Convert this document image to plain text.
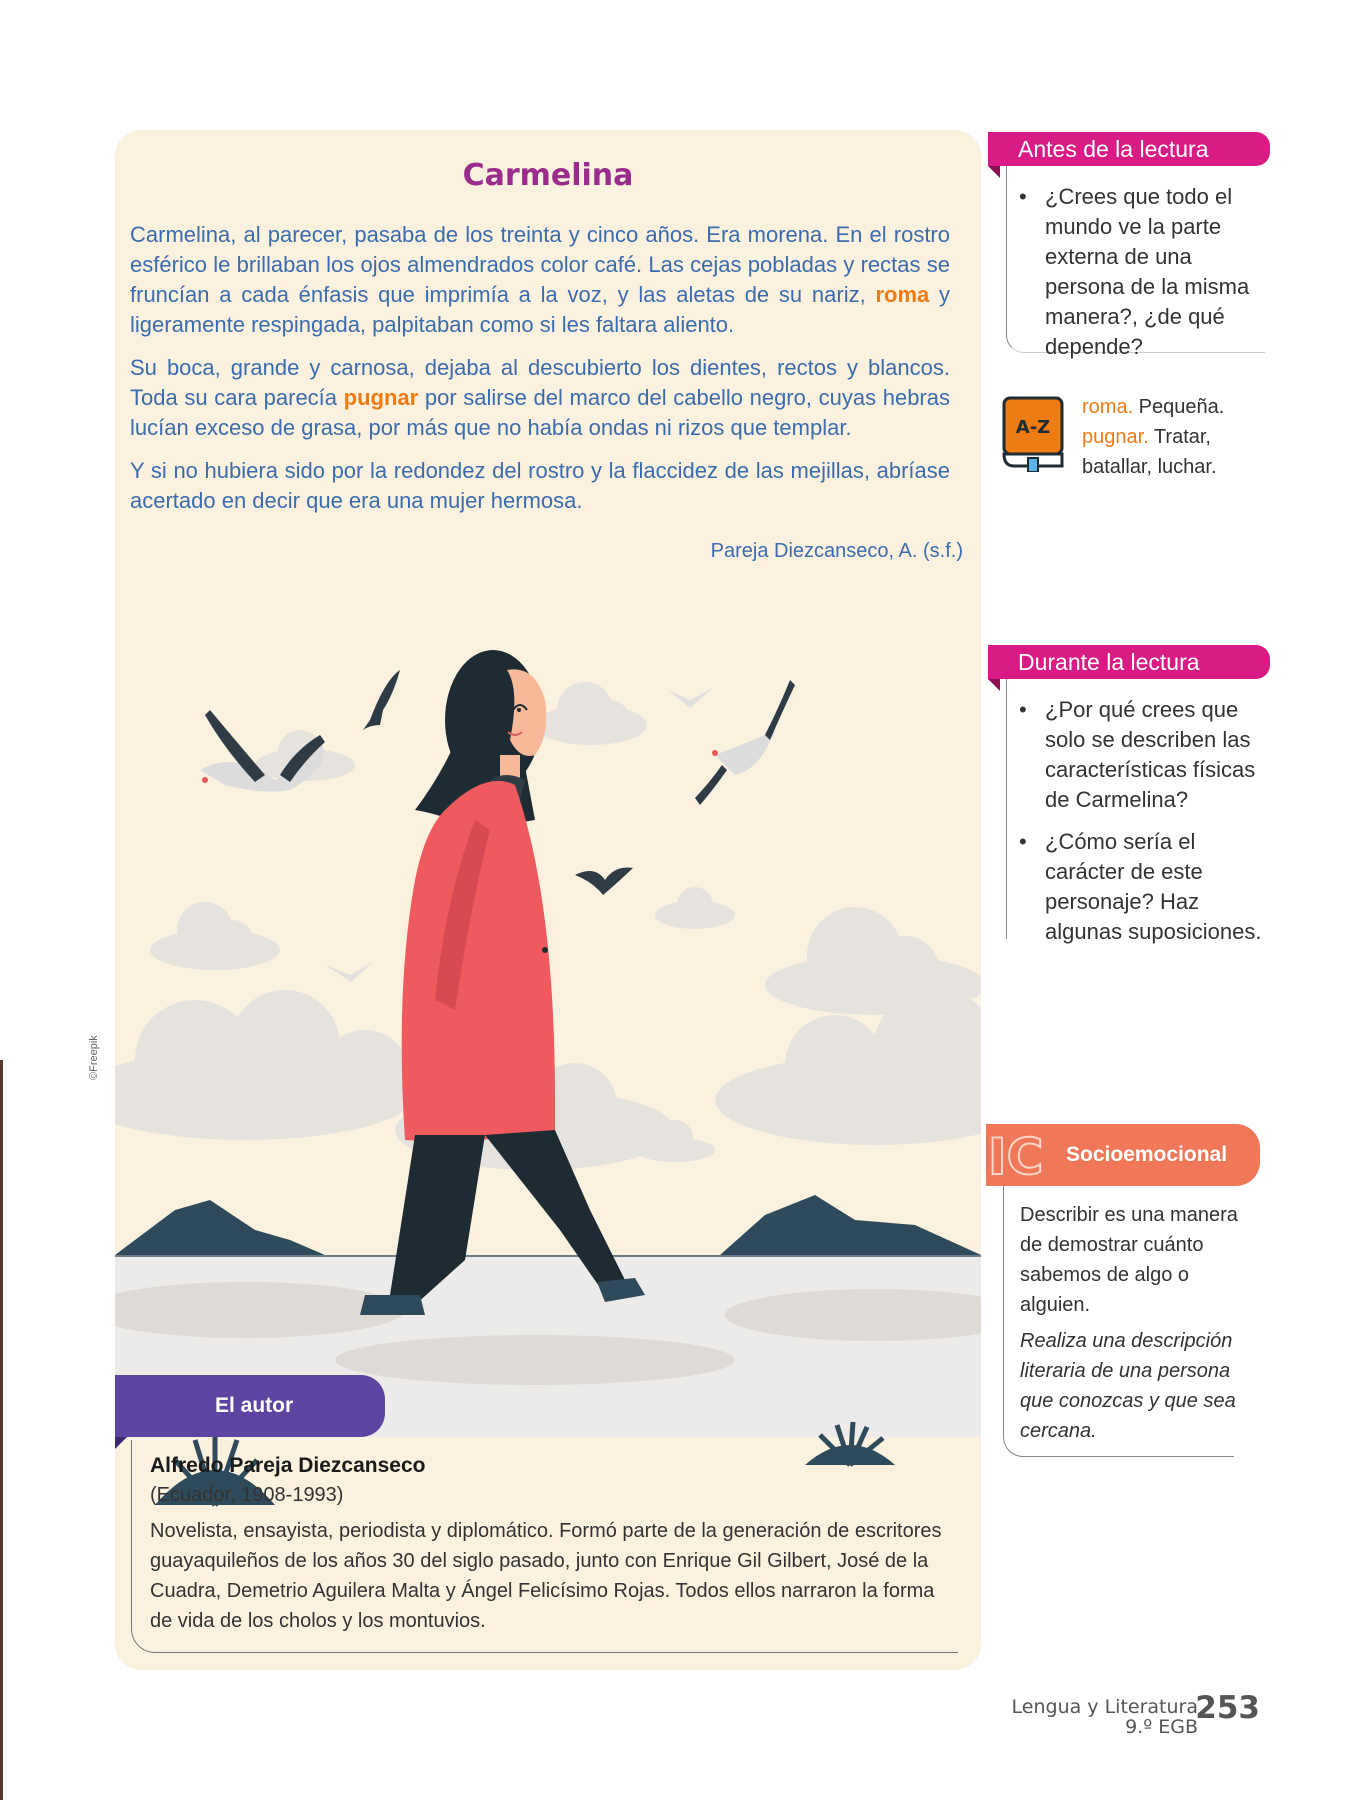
Carmelina

Carmelina, al parecer, pasaba de los treinta y cinco años. Era morena. En el rostro esférico le brillaban los ojos almendrados color café. Las cejas pobladas y rectas se fruncían a cada énfasis que imprimía a la voz, y las aletas de su nariz, roma y ligeramente respingada, palpitaban como si les faltara aliento.

Su boca, grande y carnosa, dejaba al descubierto los dientes, rectos y blancos. Toda su cara parecía pugnar por salirse del marco del cabello negro, cuyas hebras lucían exceso de grasa, por más que no había ondas ni rizos que templar.

Y si no hubiera sido por la redondez del rostro y la flaccidez de las mejillas, abríase acertado en decir que era una mujer hermosa.

Pareja Diezcanseco, A. (s.f.)
El autor
Alfredo Pareja Diezcanseco
(Ecuador, 1908-1993)
Novelista, ensayista, periodista y diplomático. Formó parte de la generación de escritores guayaquileños de los años 30 del siglo pasado, junto con Enrique Gil Gilbert, José de la Cuadra, Demetrio Aguilera Malta y Ángel Felicísimo Rojas. Todos ellos narraron la forma de vida de los cholos y los montuvios.
©Freepik
Antes de la lectura
• ¿Crees que todo el mundo ve la parte externa de una persona de la misma manera?, ¿de qué depende?
A-Z
roma. Pequeña.
pugnar. Tratar, batallar, luchar.
Durante la lectura
• ¿Por qué crees que solo se describen las características físicas de Carmelina?
• ¿Cómo sería el carácter de este personaje? Haz algunas suposiciones.
Socioemocional
IC
Describir es una manera de demostrar cuánto sabemos de algo o alguien.
Realiza una descripción literaria de una persona que conozcas y que sea cercana.
Lengua y Literatura
9.º EGB
253
